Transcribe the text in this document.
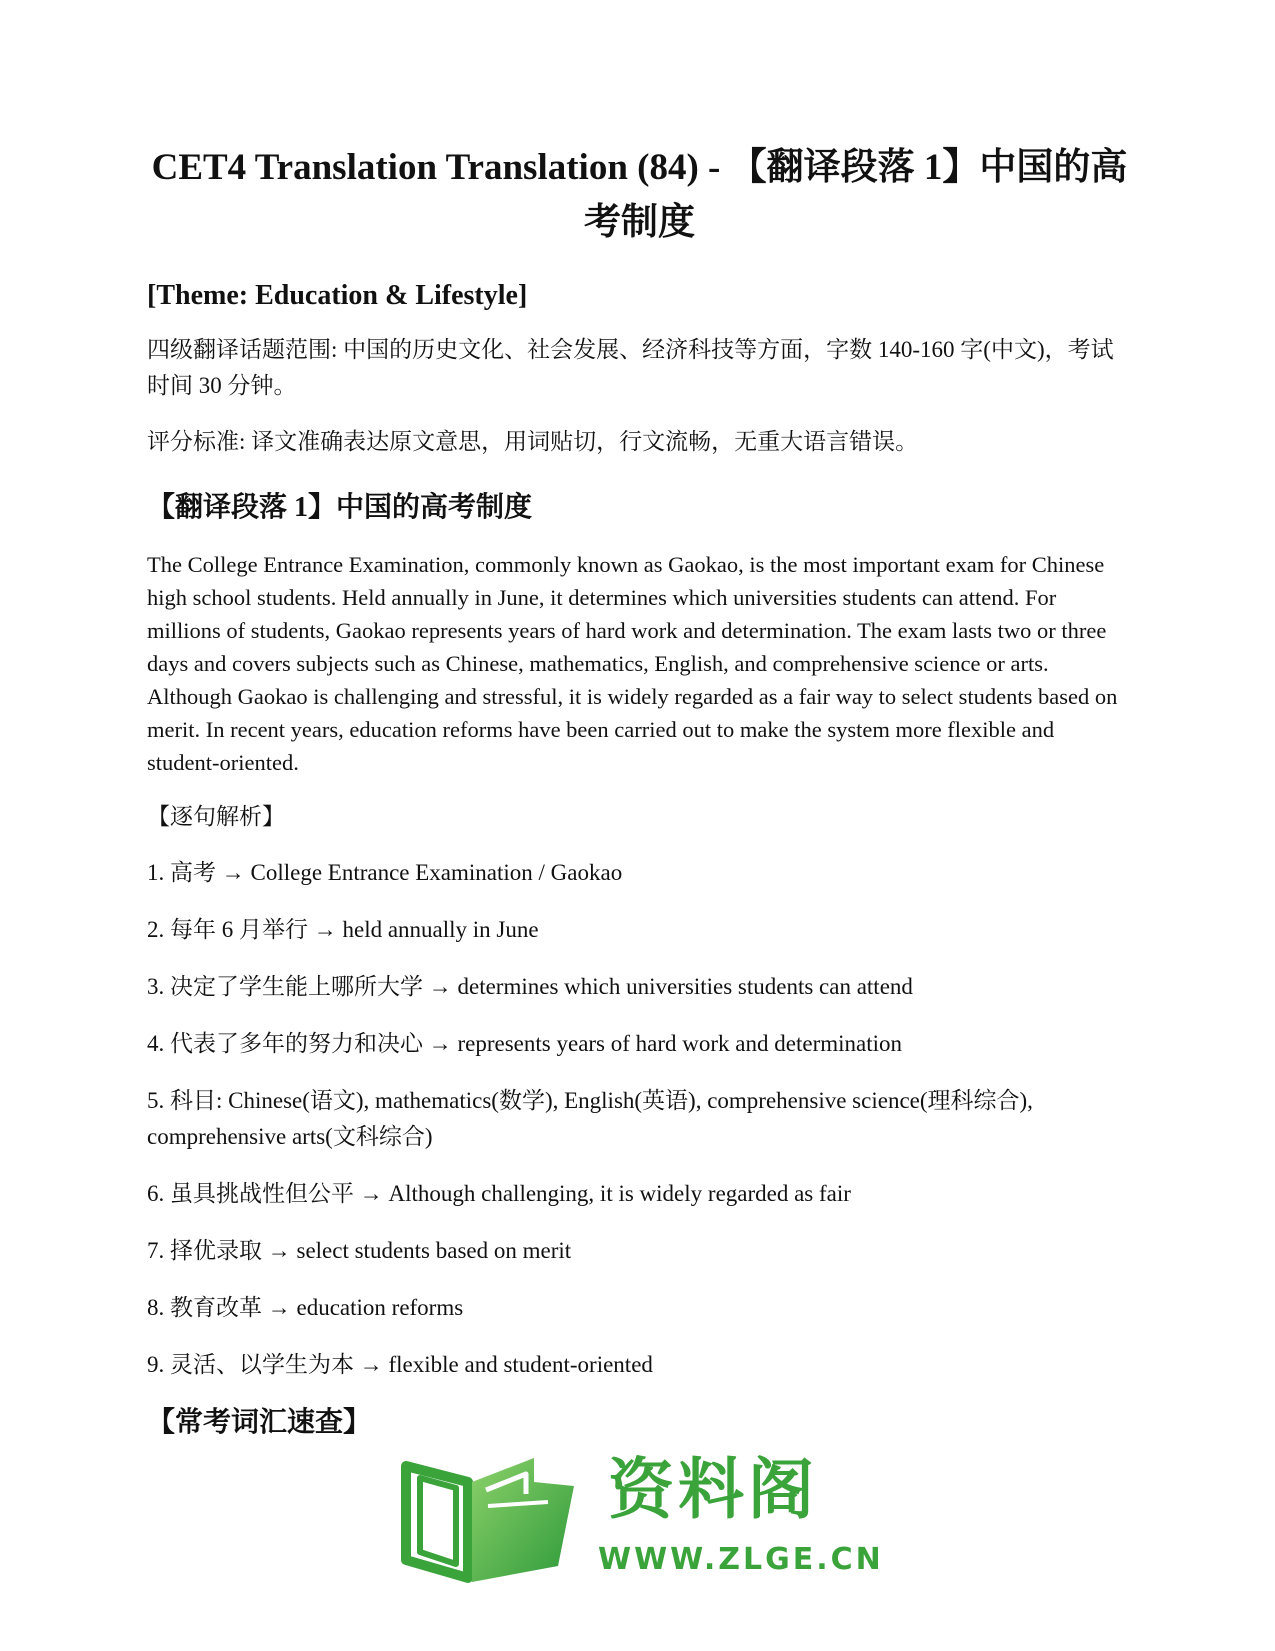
CET4 Translation Translation (84) - 【翻译段落 1】中国的高考制度
[Theme: Education & Lifestyle]

四级翻译话题范围: 中国的历史文化、社会发展、经济科技等方面，字数 140-160 字(中文)，考试时间 30 分钟。

评分标准: 译文准确表达原文意思，用词贴切，行文流畅，无重大语言错误。

【翻译段落 1】中国的高考制度

The College Entrance Examination, commonly known as Gaokao, is the most important exam for Chinese high school students. Held annually in June, it determines which universities students can attend. For millions of students, Gaokao represents years of hard work and determination. The exam lasts two or three days and covers subjects such as Chinese, mathematics, English, and comprehensive science or arts. Although Gaokao is challenging and stressful, it is widely regarded as a fair way to select students based on merit. In recent years, education reforms have been carried out to make the system more flexible and student-oriented.

【逐句解析】
1. 高考 → College Entrance Examination / Gaokao
2. 每年 6 月举行 → held annually in June
3. 决定了学生能上哪所大学 → determines which universities students can attend
4. 代表了多年的努力和决心 → represents years of hard work and determination
5. 科目: Chinese(语文), mathematics(数学), English(英语), comprehensive science(理科综合), comprehensive arts(文科综合)
6. 虽具挑战性但公平 → Although challenging, it is widely regarded as fair
7. 择优录取 → select students based on merit
8. 教育改革 → education reforms
9. 灵活、以学生为本 → flexible and student-oriented
【常考词汇速查】
资料阁
WWW.ZLGE.CN
